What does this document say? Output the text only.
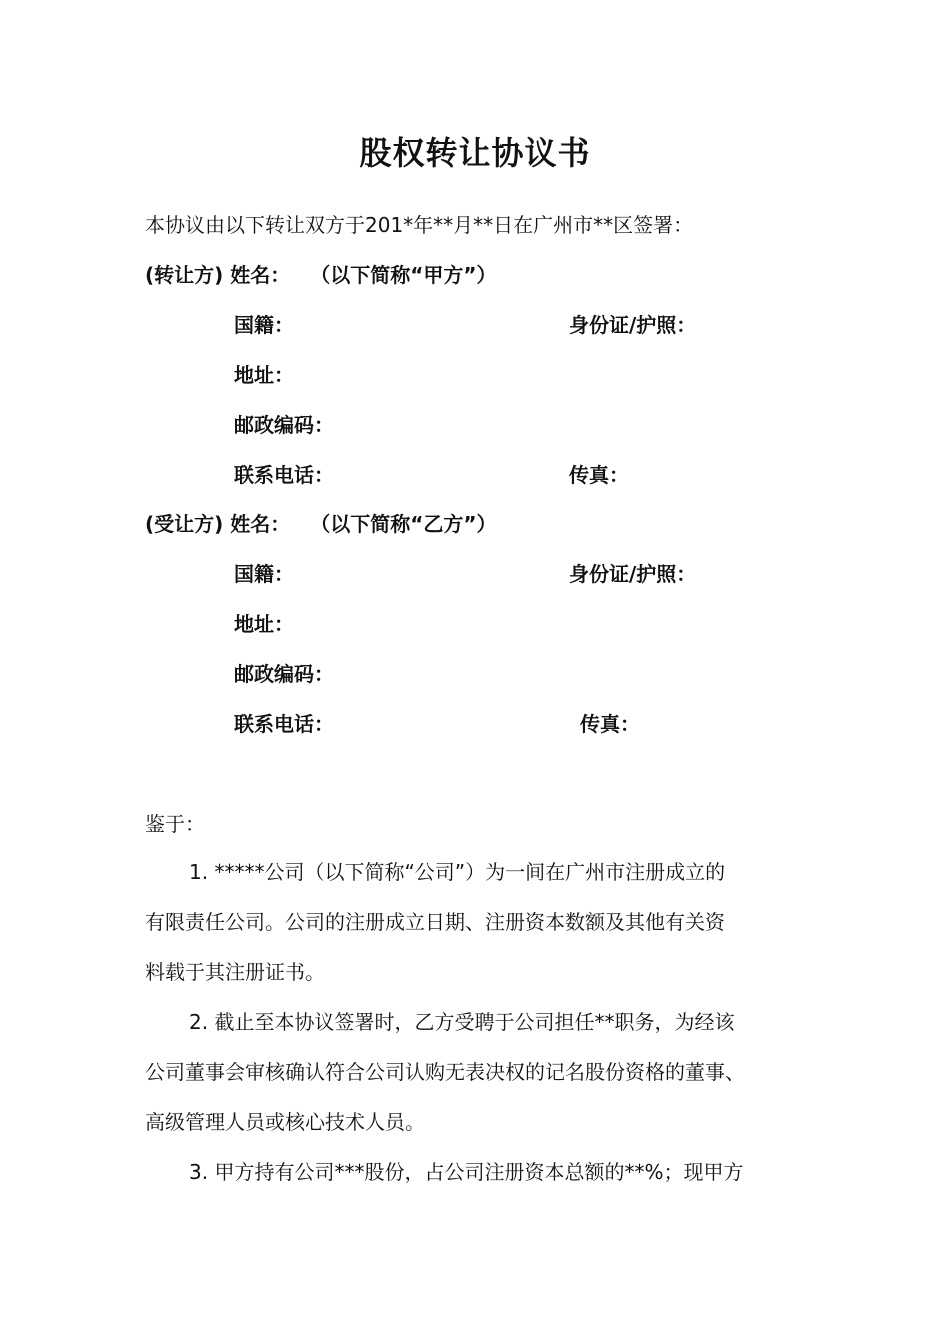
股权转让协议书
本协议由以下转让双方于201*年**月**日在广州市**区签署：
(转让方) 姓名： （以下简称“甲方”）
国籍：	身份证/护照：
地址：
邮政编码：
联系电话：	传真：
(受让方) 姓名： （以下简称“乙方”）
国籍：	身份证/护照：
地址：
邮政编码：
联系电话：	传真：
鉴于：
1. *****公司（以下简称“公司”）为一间在广州市注册成立的
有限责任公司。公司的注册成立日期、注册资本数额及其他有关资
料载于其注册证书。
2. 截止至本协议签署时，乙方受聘于公司担任**职务，为经该
公司董事会审核确认符合公司认购无表决权的记名股份资格的董事、
高级管理人员或核心技术人员。
3. 甲方持有公司***股份，占公司注册资本总额的**%；现甲方
